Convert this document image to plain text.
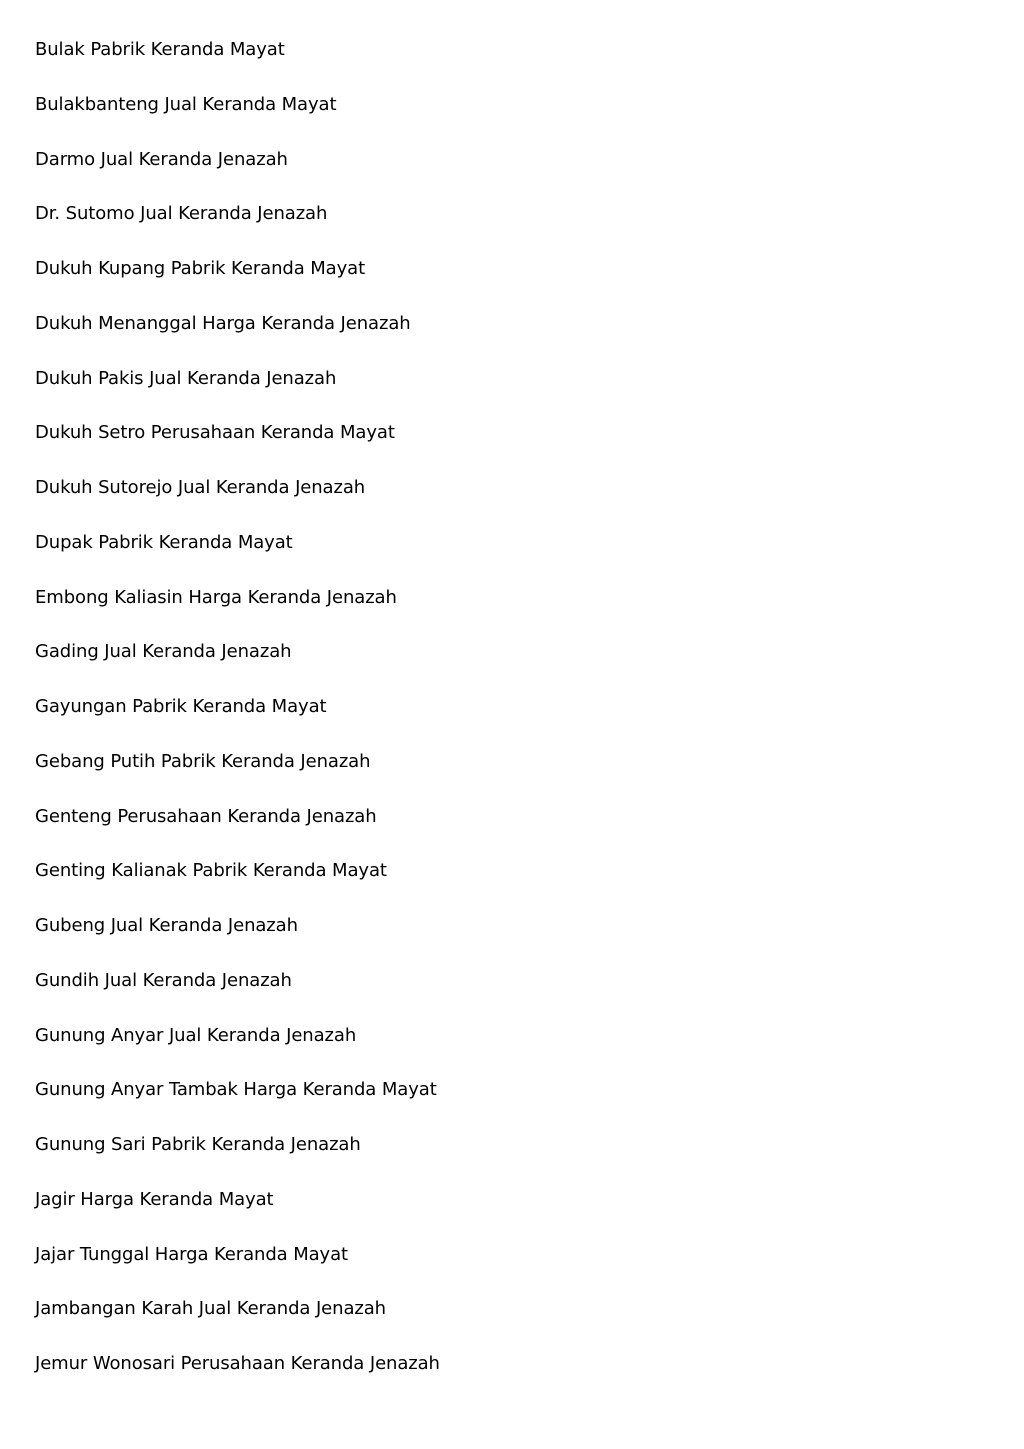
Bulak Pabrik Keranda Mayat
Bulakbanteng Jual Keranda Mayat
Darmo Jual Keranda Jenazah
Dr. Sutomo Jual Keranda Jenazah
Dukuh Kupang Pabrik Keranda Mayat
Dukuh Menanggal Harga Keranda Jenazah
Dukuh Pakis Jual Keranda Jenazah
Dukuh Setro Perusahaan Keranda Mayat
Dukuh Sutorejo Jual Keranda Jenazah
Dupak Pabrik Keranda Mayat
Embong Kaliasin Harga Keranda Jenazah
Gading Jual Keranda Jenazah
Gayungan Pabrik Keranda Mayat
Gebang Putih Pabrik Keranda Jenazah
Genteng Perusahaan Keranda Jenazah
Genting Kalianak Pabrik Keranda Mayat
Gubeng Jual Keranda Jenazah
Gundih Jual Keranda Jenazah
Gunung Anyar Jual Keranda Jenazah
Gunung Anyar Tambak Harga Keranda Mayat
Gunung Sari Pabrik Keranda Jenazah
Jagir Harga Keranda Mayat
Jajar Tunggal Harga Keranda Mayat
Jambangan Karah Jual Keranda Jenazah
Jemur Wonosari Perusahaan Keranda Jenazah
